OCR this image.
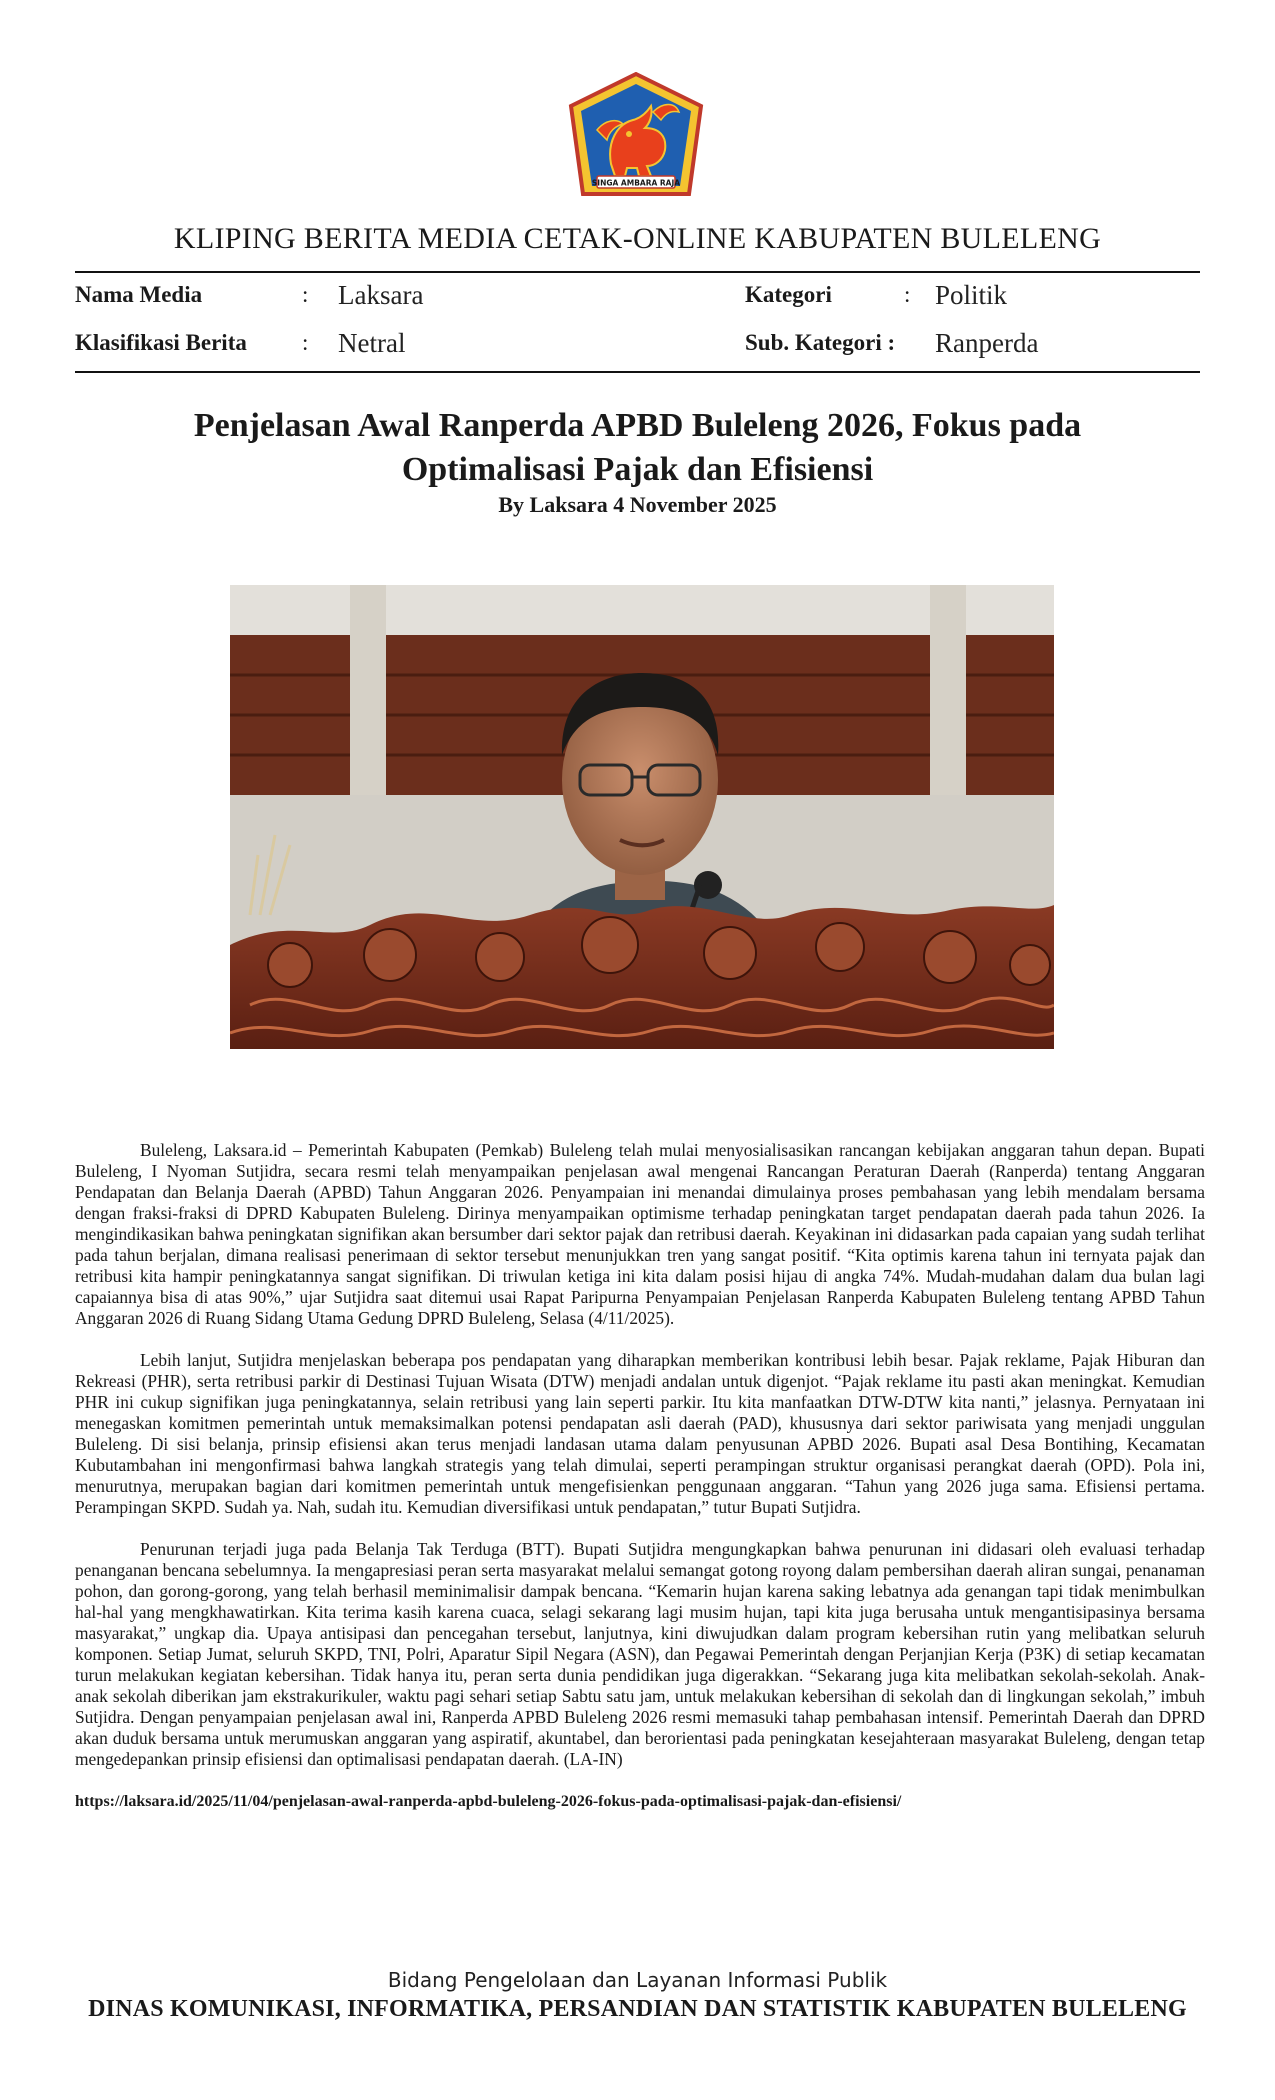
SINGA AMBARA RAJA
KLIPING BERITA MEDIA CETAK-ONLINE KABUPATEN BULELENG
Nama Media	: Laksara	Kategori	: Politik
Klasifikasi Berita : Netral	Sub. Kategori : Ranperda
Penjelasan Awal Ranperda APBD Buleleng 2026, Fokus pada
Optimalisasi Pajak dan Efisiensi
By Laksara 4 November 2025

Buleleng, Laksara.id – Pemerintah Kabupaten (Pemkab) Buleleng telah mulai menyosialisasikan rancangan kebijakan anggaran tahun depan. Bupati Buleleng, I Nyoman Sutjidra, secara resmi telah menyampaikan penjelasan awal mengenai Rancangan Peraturan Daerah (Ranperda) tentang Anggaran Pendapatan dan Belanja Daerah (APBD) Tahun Anggaran 2026. Penyampaian ini menandai dimulainya proses pembahasan yang lebih mendalam bersama dengan fraksi-fraksi di DPRD Kabupaten Buleleng. Dirinya menyampaikan optimisme terhadap peningkatan target pendapatan daerah pada tahun 2026. Ia mengindikasikan bahwa peningkatan signifikan akan bersumber dari sektor pajak dan retribusi daerah. Keyakinan ini didasarkan pada capaian yang sudah terlihat pada tahun berjalan, dimana realisasi penerimaan di sektor tersebut menunjukkan tren yang sangat positif. “Kita optimis karena tahun ini ternyata pajak dan retribusi kita hampir peningkatannya sangat signifikan. Di triwulan ketiga ini kita dalam posisi hijau di angka 74%. Mudah-mudahan dalam dua bulan lagi capaiannya bisa di atas 90%,” ujar Sutjidra saat ditemui usai Rapat Paripurna Penyampaian Penjelasan Ranperda Kabupaten Buleleng tentang APBD Tahun Anggaran 2026 di Ruang Sidang Utama Gedung DPRD Buleleng, Selasa (4/11/2025).

Lebih lanjut, Sutjidra menjelaskan beberapa pos pendapatan yang diharapkan memberikan kontribusi lebih besar. Pajak reklame, Pajak Hiburan dan Rekreasi (PHR), serta retribusi parkir di Destinasi Tujuan Wisata (DTW) menjadi andalan untuk digenjot. “Pajak reklame itu pasti akan meningkat. Kemudian PHR ini cukup signifikan juga peningkatannya, selain retribusi yang lain seperti parkir. Itu kita manfaatkan DTW-DTW kita nanti,” jelasnya. Pernyataan ini menegaskan komitmen pemerintah untuk memaksimalkan potensi pendapatan asli daerah (PAD), khususnya dari sektor pariwisata yang menjadi unggulan Buleleng. Di sisi belanja, prinsip efisiensi akan terus menjadi landasan utama dalam penyusunan APBD 2026. Bupati asal Desa Bontihing, Kecamatan Kubutambahan ini mengonfirmasi bahwa langkah strategis yang telah dimulai, seperti perampingan struktur organisasi perangkat daerah (OPD). Pola ini, menurutnya, merupakan bagian dari komitmen pemerintah untuk mengefisienkan penggunaan anggaran. “Tahun yang 2026 juga sama. Efisiensi pertama. Perampingan SKPD. Sudah ya. Nah, sudah itu. Kemudian diversifikasi untuk pendapatan,” tutur Bupati Sutjidra.

Penurunan terjadi juga pada Belanja Tak Terduga (BTT). Bupati Sutjidra mengungkapkan bahwa penurunan ini didasari oleh evaluasi terhadap penanganan bencana sebelumnya. Ia mengapresiasi peran serta masyarakat melalui semangat gotong royong dalam pembersihan daerah aliran sungai, penanaman pohon, dan gorong-gorong, yang telah berhasil meminimalisir dampak bencana. “Kemarin hujan karena saking lebatnya ada genangan tapi tidak menimbulkan hal-hal yang mengkhawatirkan. Kita terima kasih karena cuaca, selagi sekarang lagi musim hujan, tapi kita juga berusaha untuk mengantisipasinya bersama masyarakat,” ungkap dia. Upaya antisipasi dan pencegahan tersebut, lanjutnya, kini diwujudkan dalam program kebersihan rutin yang melibatkan seluruh komponen. Setiap Jumat, seluruh SKPD, TNI, Polri, Aparatur Sipil Negara (ASN), dan Pegawai Pemerintah dengan Perjanjian Kerja (P3K) di setiap kecamatan turun melakukan kegiatan kebersihan. Tidak hanya itu, peran serta dunia pendidikan juga digerakkan. “Sekarang juga kita melibatkan sekolah-sekolah. Anak-anak sekolah diberikan jam ekstrakurikuler, waktu pagi sehari setiap Sabtu satu jam, untuk melakukan kebersihan di sekolah dan di lingkungan sekolah,” imbuh Sutjidra. Dengan penyampaian penjelasan awal ini, Ranperda APBD Buleleng 2026 resmi memasuki tahap pembahasan intensif. Pemerintah Daerah dan DPRD akan duduk bersama untuk merumuskan anggaran yang aspiratif, akuntabel, dan berorientasi pada peningkatan kesejahteraan masyarakat Buleleng, dengan tetap mengedepankan prinsip efisiensi dan optimalisasi pendapatan daerah. (LA-IN)

https://laksara.id/2025/11/04/penjelasan-awal-ranperda-apbd-buleleng-2026-fokus-pada-optimalisasi-pajak-dan-efisiensi/

Bidang Pengelolaan dan Layanan Informasi Publik
DINAS KOMUNIKASI, INFORMATIKA, PERSANDIAN DAN STATISTIK KABUPATEN BULELENG
